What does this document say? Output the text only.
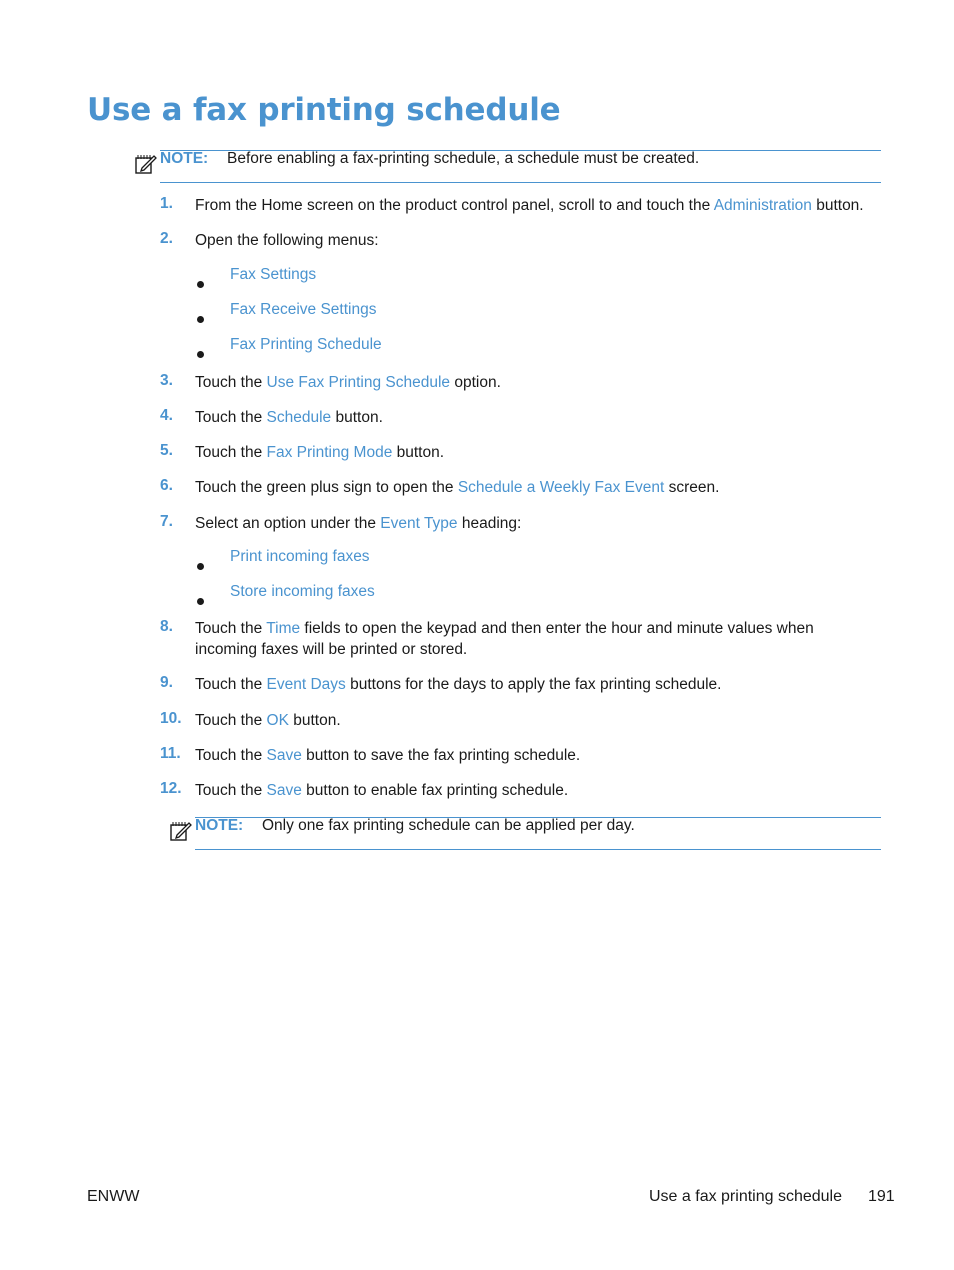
Use a fax printing schedule
NOTE: Before enabling a fax-printing schedule, a schedule must be created.
1.	From the Home screen on the product control panel, scroll to and touch the Administration button.
2.	Open the following menus:
Fax Settings
Fax Receive Settings
Fax Printing Schedule
3.	Touch the Use Fax Printing Schedule option.
4.	Touch the Schedule button.
5.	Touch the Fax Printing Mode button.
6.	Touch the green plus sign to open the Schedule a Weekly Fax Event screen.
7.	Select an option under the Event Type heading:
Print incoming faxes
Store incoming faxes
8.	Touch the Time fields to open the keypad and then enter the hour and minute values when incoming faxes will be printed or stored.
9.	Touch the Event Days buttons for the days to apply the fax printing schedule.
10. Touch the OK button.
11. Touch the Save button to save the fax printing schedule.
12. Touch the Save button to enable fax printing schedule.
NOTE: Only one fax printing schedule can be applied per day.
ENWW	Use a fax printing schedule 191
